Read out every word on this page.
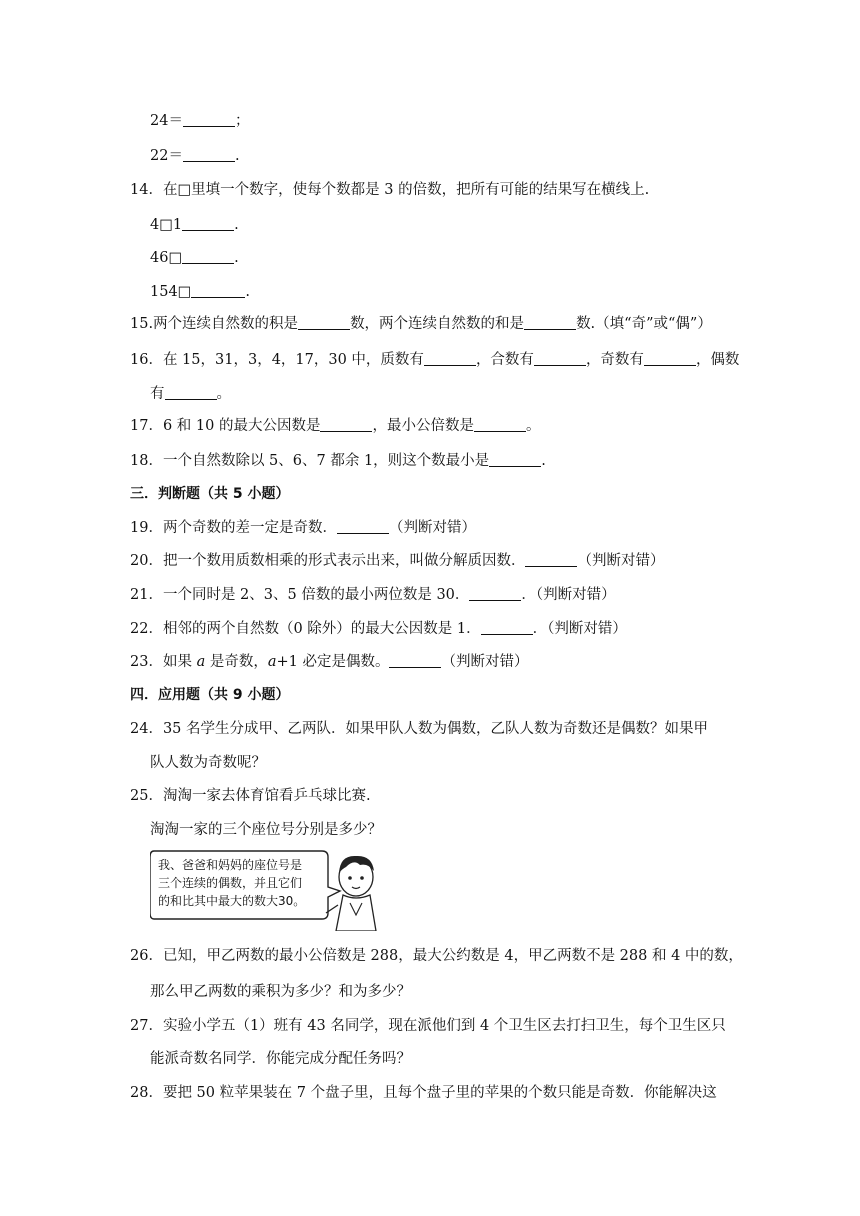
24＝	；
22＝	.
14．在□里填一个数字，使每个数都是 3 的倍数，把所有可能的结果写在横线上.
4□1	.
46□	.
154□	.
15.两个连续自然数的积是	数，两个连续自然数的和是	数.（填“奇”或“偶”）
16．在 15，31，3，4，17，30 中，质数有	，合数有	，奇数有	，偶数
有	。
17．6 和 10 的最大公因数是	，最小公倍数是	。
18．一个自然数除以 5、6、7 都余 1，则这个数最小是	.
三．判断题（共 5 小题）
19．两个奇数的差一定是奇数．	（判断对错）
20．把一个数用质数相乘的形式表示出来，叫做分解质因数．	（判断对错）
21．一个同时是 2、3、5 倍数的最小两位数是 30．	．（判断对错）
22．相邻的两个自然数（0 除外）的最大公因数是 1．	．（判断对错）
23．如果 a 是奇数，a+1 必定是偶数。	（判断对错）
四．应用题（共 9 小题）
24．35 名学生分成甲、乙两队．如果甲队人数为偶数，乙队人数为奇数还是偶数？如果甲
队人数为奇数呢？
25．淘淘一家去体育馆看乒乓球比赛.
淘淘一家的三个座位号分别是多少？
我、爸爸和妈妈的座位号是
三个连续的偶数，并且它们
的和比其中最大的数大30。
26．已知，甲乙两数的最小公倍数是 288，最大公约数是 4，甲乙两数不是 288 和 4 中的数，
那么甲乙两数的乘积为多少？和为多少？
27．实验小学五（1）班有 43 名同学，现在派他们到 4 个卫生区去打扫卫生，每个卫生区只
能派奇数名同学．你能完成分配任务吗？
28．要把 50 粒苹果装在 7 个盘子里，且每个盘子里的苹果的个数只能是奇数．你能解决这
